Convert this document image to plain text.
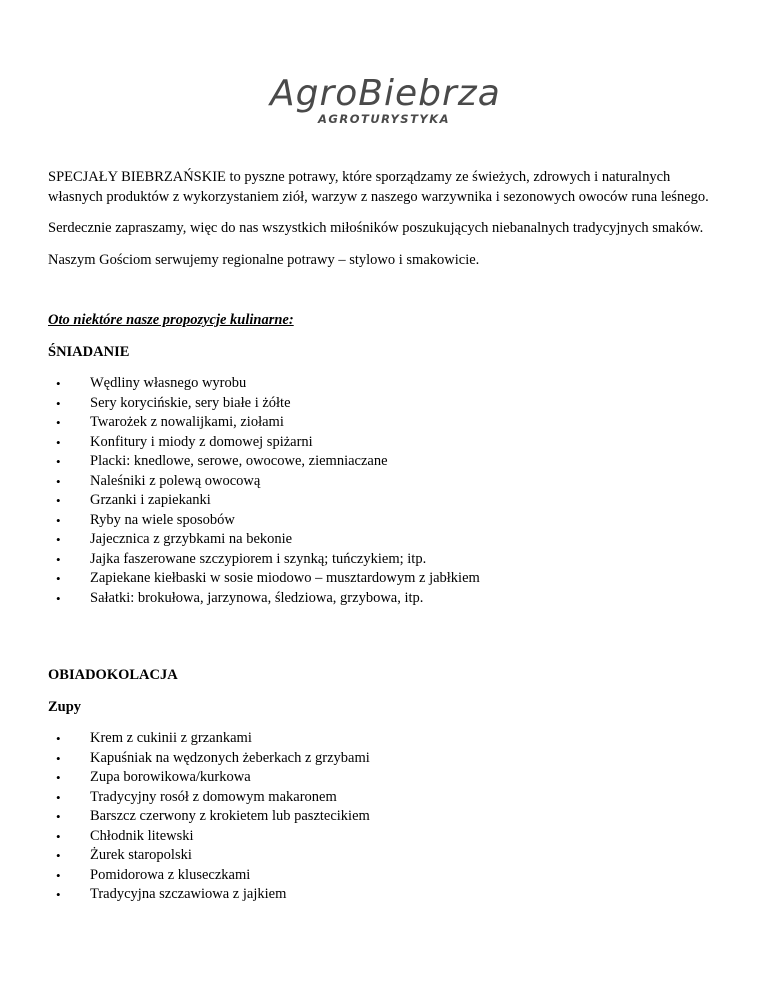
AgroBiebrza
AGROTURYSTYKA

SPECJAŁY BIEBRZAŃSKIE to pyszne potrawy, które sporządzamy ze świeżych, zdrowych i naturalnych własnych produktów z wykorzystaniem ziół, warzyw z naszego warzywnika i sezonowych owoców runa leśnego.

Serdecznie zapraszamy, więc do nas wszystkich miłośników poszukujących niebanalnych tradycyjnych smaków.

Naszym Gościom serwujemy regionalne potrawy – stylowo i smakowicie.

Oto niektóre nasze propozycje kulinarne:

ŚNIADANIE

• Wędliny własnego wyrobu
• Sery korycińskie, sery białe i żółte
• Twarożek z nowalijkami, ziołami
• Konfitury i miody z domowej spiżarni
• Placki: knedlowe, serowe, owocowe, ziemniaczane
• Naleśniki z polewą owocową
• Grzanki i zapiekanki
• Ryby na wiele sposobów
• Jajecznica z grzybkami na bekonie
• Jajka faszerowane szczypiorem i szynką; tuńczykiem; itp.
• Zapiekane kiełbaski w sosie miodowo – musztardowym z jabłkiem
• Sałatki: brokułowa, jarzynowa, śledziowa, grzybowa, itp.

OBIADOKOLACJA

Zupy

• Krem z cukinii z grzankami
• Kapuśniak na wędzonych żeberkach z grzybami
• Zupa borowikowa/kurkowa
• Tradycyjny rosół z domowym makaronem
• Barszcz czerwony z krokietem lub pasztecikiem
• Chłodnik litewski
• Żurek staropolski
• Pomidorowa z kluseczkami
• Tradycyjna szczawiowa z jajkiem
